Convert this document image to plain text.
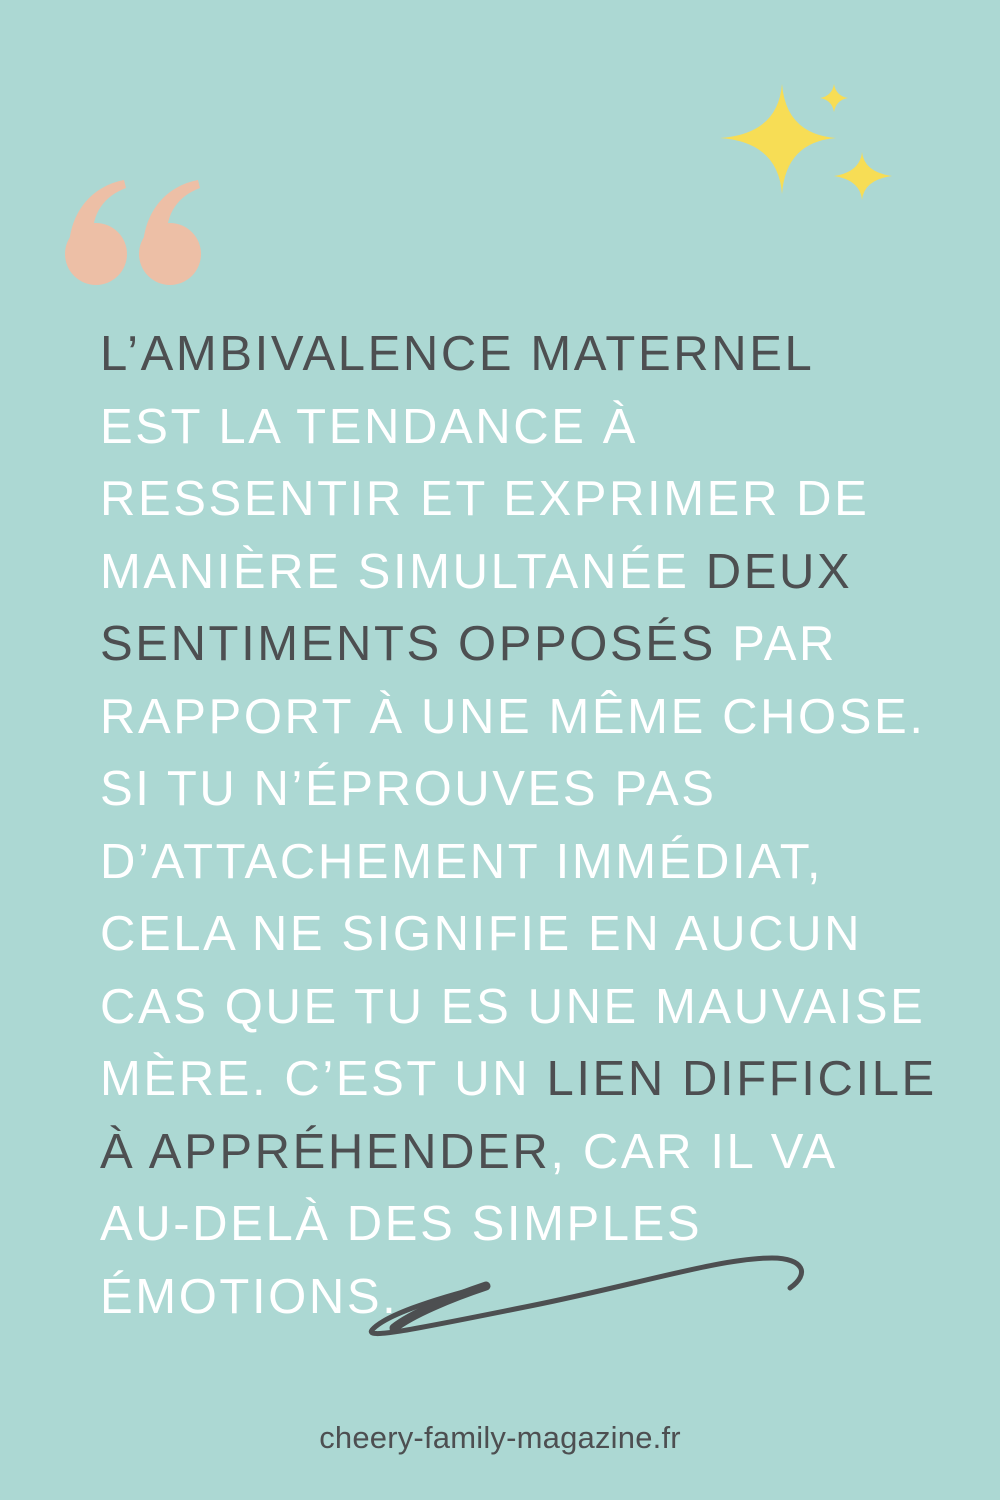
L’AMBIVALENCE MATERNEL
EST LA TENDANCE À
RESSENTIR ET EXPRIMER DE
MANIÈRE SIMULTANÉE DEUX
SENTIMENTS OPPOSÉS PAR
RAPPORT À UNE MÊME CHOSE.
SI TU N’ÉPROUVES PAS
D’ATTACHEMENT IMMÉDIAT,
CELA NE SIGNIFIE EN AUCUN
CAS QUE TU ES UNE MAUVAISE
MÈRE. C’EST UN LIEN DIFFICILE
À APPRÉHENDER, CAR IL VA
AU-DELÀ DES SIMPLES
ÉMOTIONS.

cheery-family-magazine.fr
